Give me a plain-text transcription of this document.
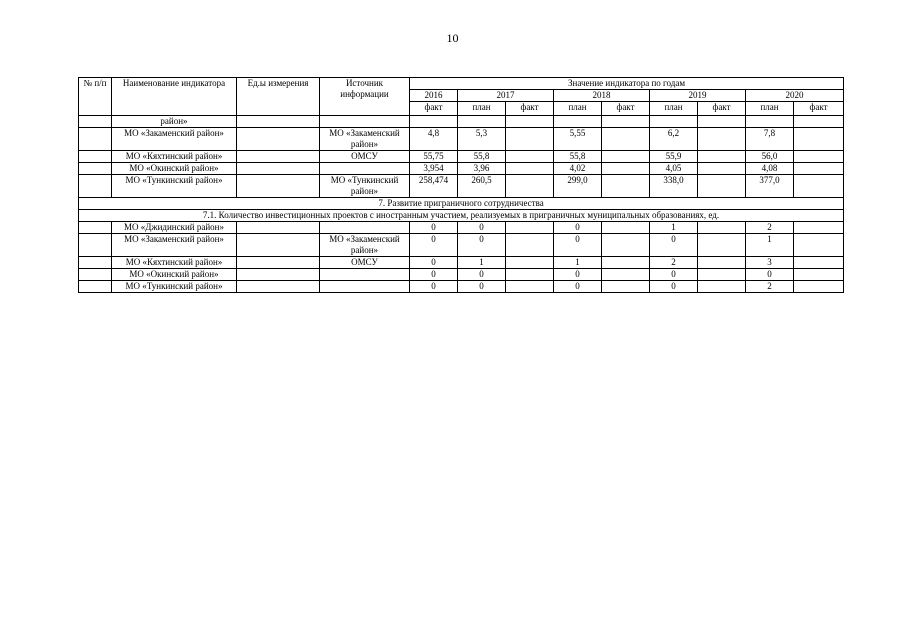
10
№ п/п	Наименование индикатора	Ед.ы измерения	Источник информации	Значение индикатора по годам								
				2016	2017		2018		2019		2020	
				факт	план	факт	план	факт	план	факт	план	факт
	район»											
	МО «Закаменский район»		МО «Закаменский район»	4,8	5,3		5,55		6,2		7,8	
	МО «Кяхтинский район»		ОМСУ	55,75	55,8		55,8		55,9		56,0	
	МО «Окинский район»			3,954	3,96		4,02		4,05		4,08	
	МО «Тункинский район»		МО «Тункинский район»	258,474	260,5		299,0		338,0		377,0	
7. Развитие приграничного сотрудничества												
7.1. Количество инвестиционных проектов с иностранным участием, реализуемых в приграничных муниципальных образованиях, ед.												
	МО «Джидинский район»			0	0		0		1		2	
	МО «Закаменский район»		МО «Закаменский район»	0	0		0		0		1	
	МО «Кяхтинский район»		ОМСУ	0	1		1		2		3	
	МО «Окинский район»			0	0		0		0		0	
	МО «Тункинский район»			0	0		0		0		2	
